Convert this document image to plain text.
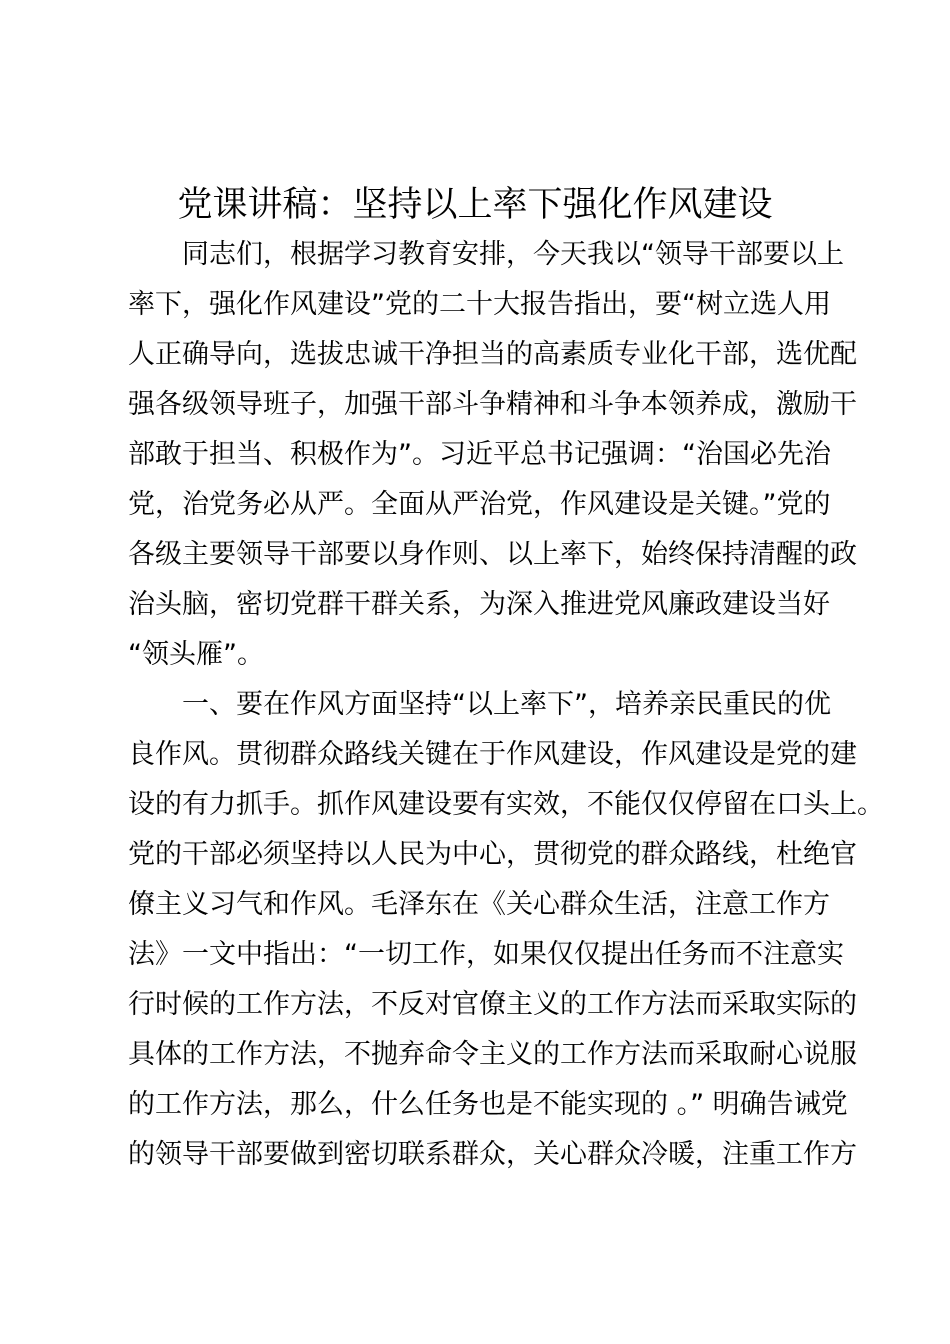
党课讲稿：坚持以上率下强化作风建设
　　同志们，根据学习教育安排，今天我以“领导干部要以上
率下，强化作风建设”党的二十大报告指出，要“树立选人用
人正确导向，选拔忠诚干净担当的高素质专业化干部，选优配
强各级领导班子，加强干部斗争精神和斗争本领养成，激励干
部敢于担当、积极作为”。习近平总书记强调：“治国必先治
党，治党务必从严。全面从严治党，作风建设是关键。”党的
各级主要领导干部要以身作则、以上率下，始终保持清醒的政
治头脑，密切党群干群关系，为深入推进党风廉政建设当好
“领头雁”。
　　一、要在作风方面坚持“以上率下”，培养亲民重民的优
良作风。贯彻群众路线关键在于作风建设，作风建设是党的建
设的有力抓手。抓作风建设要有实效，不能仅仅停留在口头上。
党的干部必须坚持以人民为中心，贯彻党的群众路线，杜绝官
僚主义习气和作风。毛泽东在《关心群众生活，注意工作方
法》一文中指出：“一切工作，如果仅仅提出任务而不注意实
行时候的工作方法，不反对官僚主义的工作方法而采取实际的
具体的工作方法，不抛弃命令主义的工作方法而采取耐心说服
的工作方法，那么，什么任务也是不能实现的 。” 明确告诫党
的领导干部要做到密切联系群众，关心群众冷暖，注重工作方
